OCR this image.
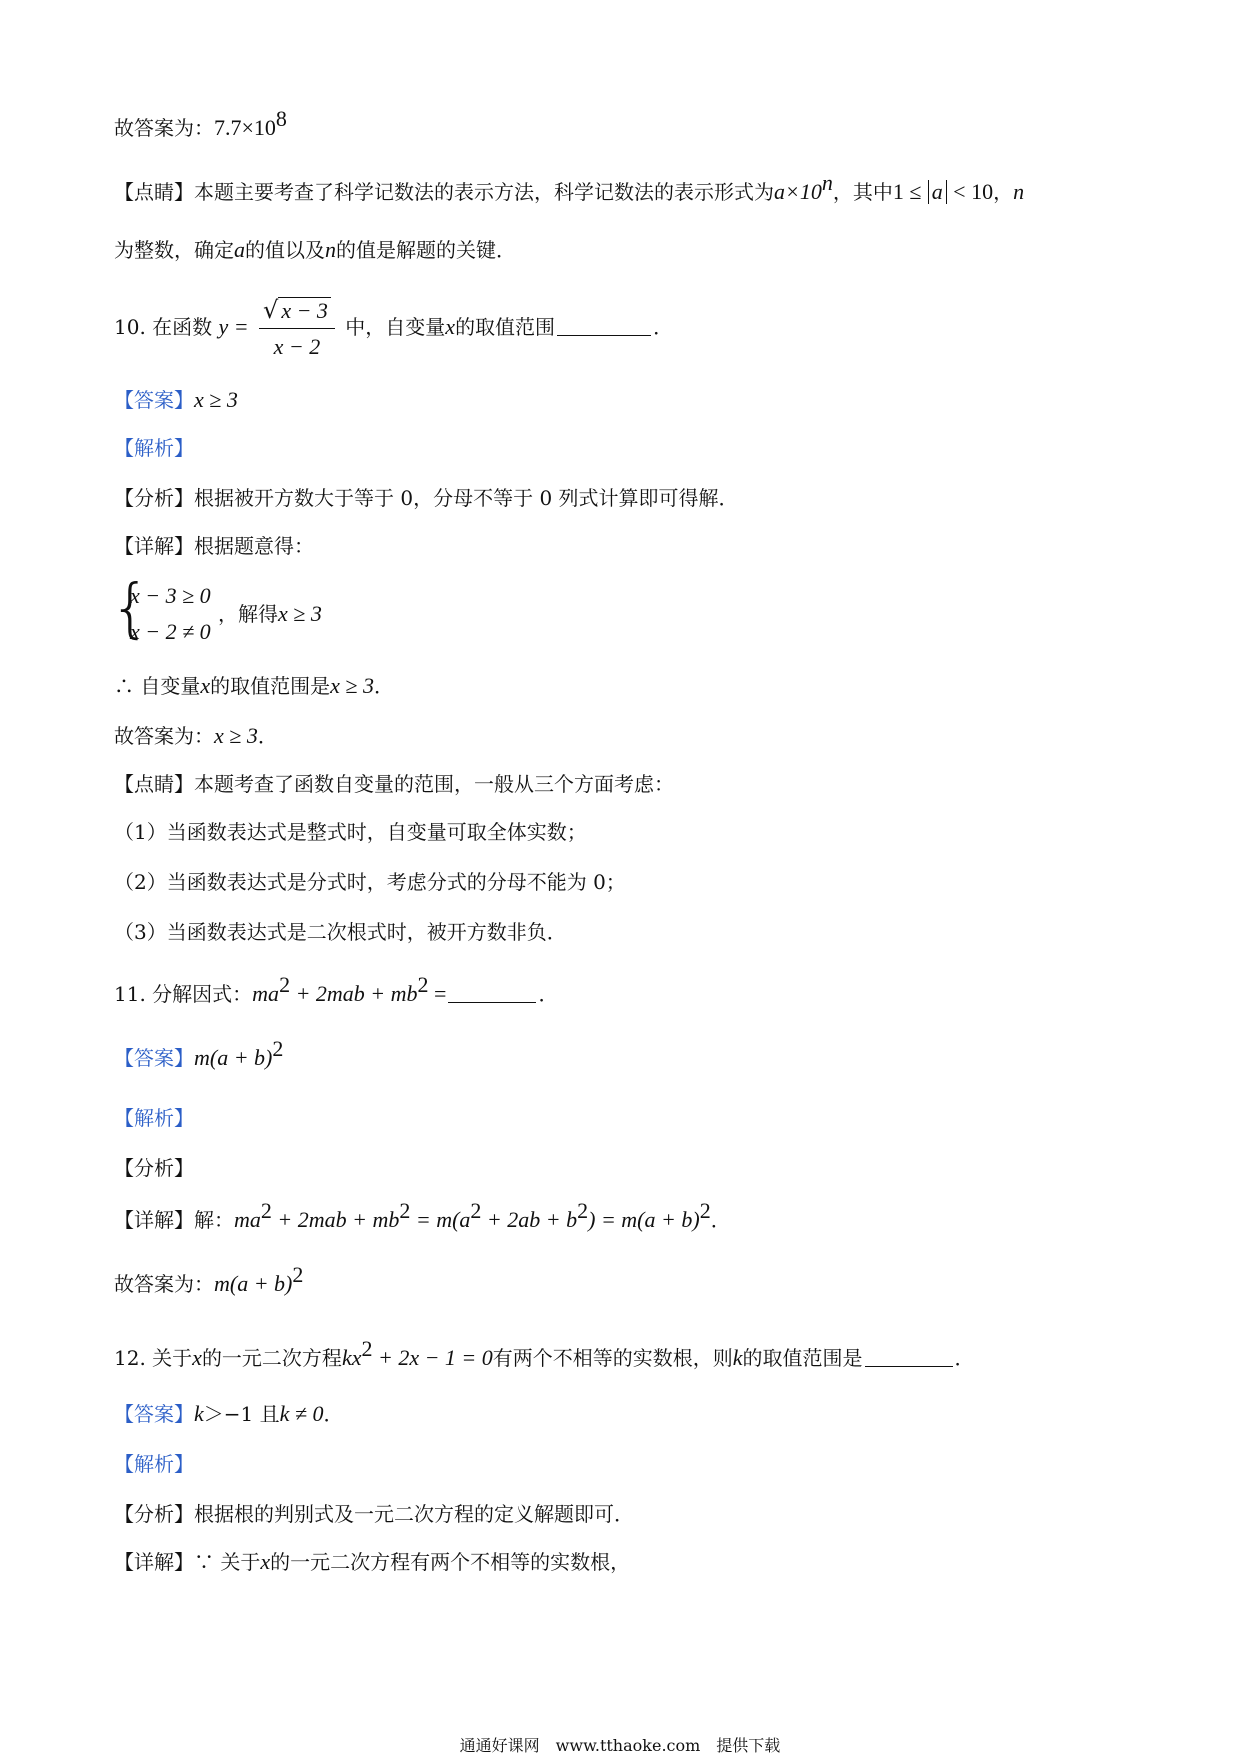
故答案为：$7.7\times 10^8$
【点睛】本题主要考查了科学记数法的表示方法，科学记数法的表示形式为$a\times 10^n$，其中1 ≤ a < 10，n
为整数，确定a的值以及n的值是解题的关键．
10. 在函数 $y = \frac{√ x - 3}{x - 2}$ 中，自变量x的取值范围	．
【答案】x ≥ 3
【解析】
【分析】根据被开方数大于等于 0，分母不等于 0 列式计算即可得解．
【详解】根据题意得：
{
x − 3 ≥ 0
x − 2 ≠ 0
，解得x ≥ 3
∴ 自变量x的取值范围是x ≥ 3．
故答案为：x ≥ 3．
【点睛】本题考查了函数自变量的范围，一般从三个方面考虑：
（1）当函数表达式是整式时，自变量可取全体实数；
（2）当函数表达式是分式时，考虑分式的分母不能为 0；
（3）当函数表达式是二次根式时，被开方数非负．
11. 分解因式：$ma^2 + 2mab + mb^2$ =	．
【答案】$m(a + b)^2$
【解析】
【分析】
【详解】解：$ma^2 + 2mab + mb^2 = m(a^2 + 2ab + b^2) = m(a + b)^2$．
故答案为：$m(a + b)^2$
12. 关于x的一元二次方程$kx^2 + 2x - 1 = 0$有两个不相等的实数根，则k的取值范围是	．
【答案】k＞−1 且k ≠ 0．
【解析】
【分析】根据根的判别式及一元二次方程的定义解题即可．
【详解】∵ 关于x的一元二次方程有两个不相等的实数根，
通通好课网　www.tthaoke.com　提供下载
